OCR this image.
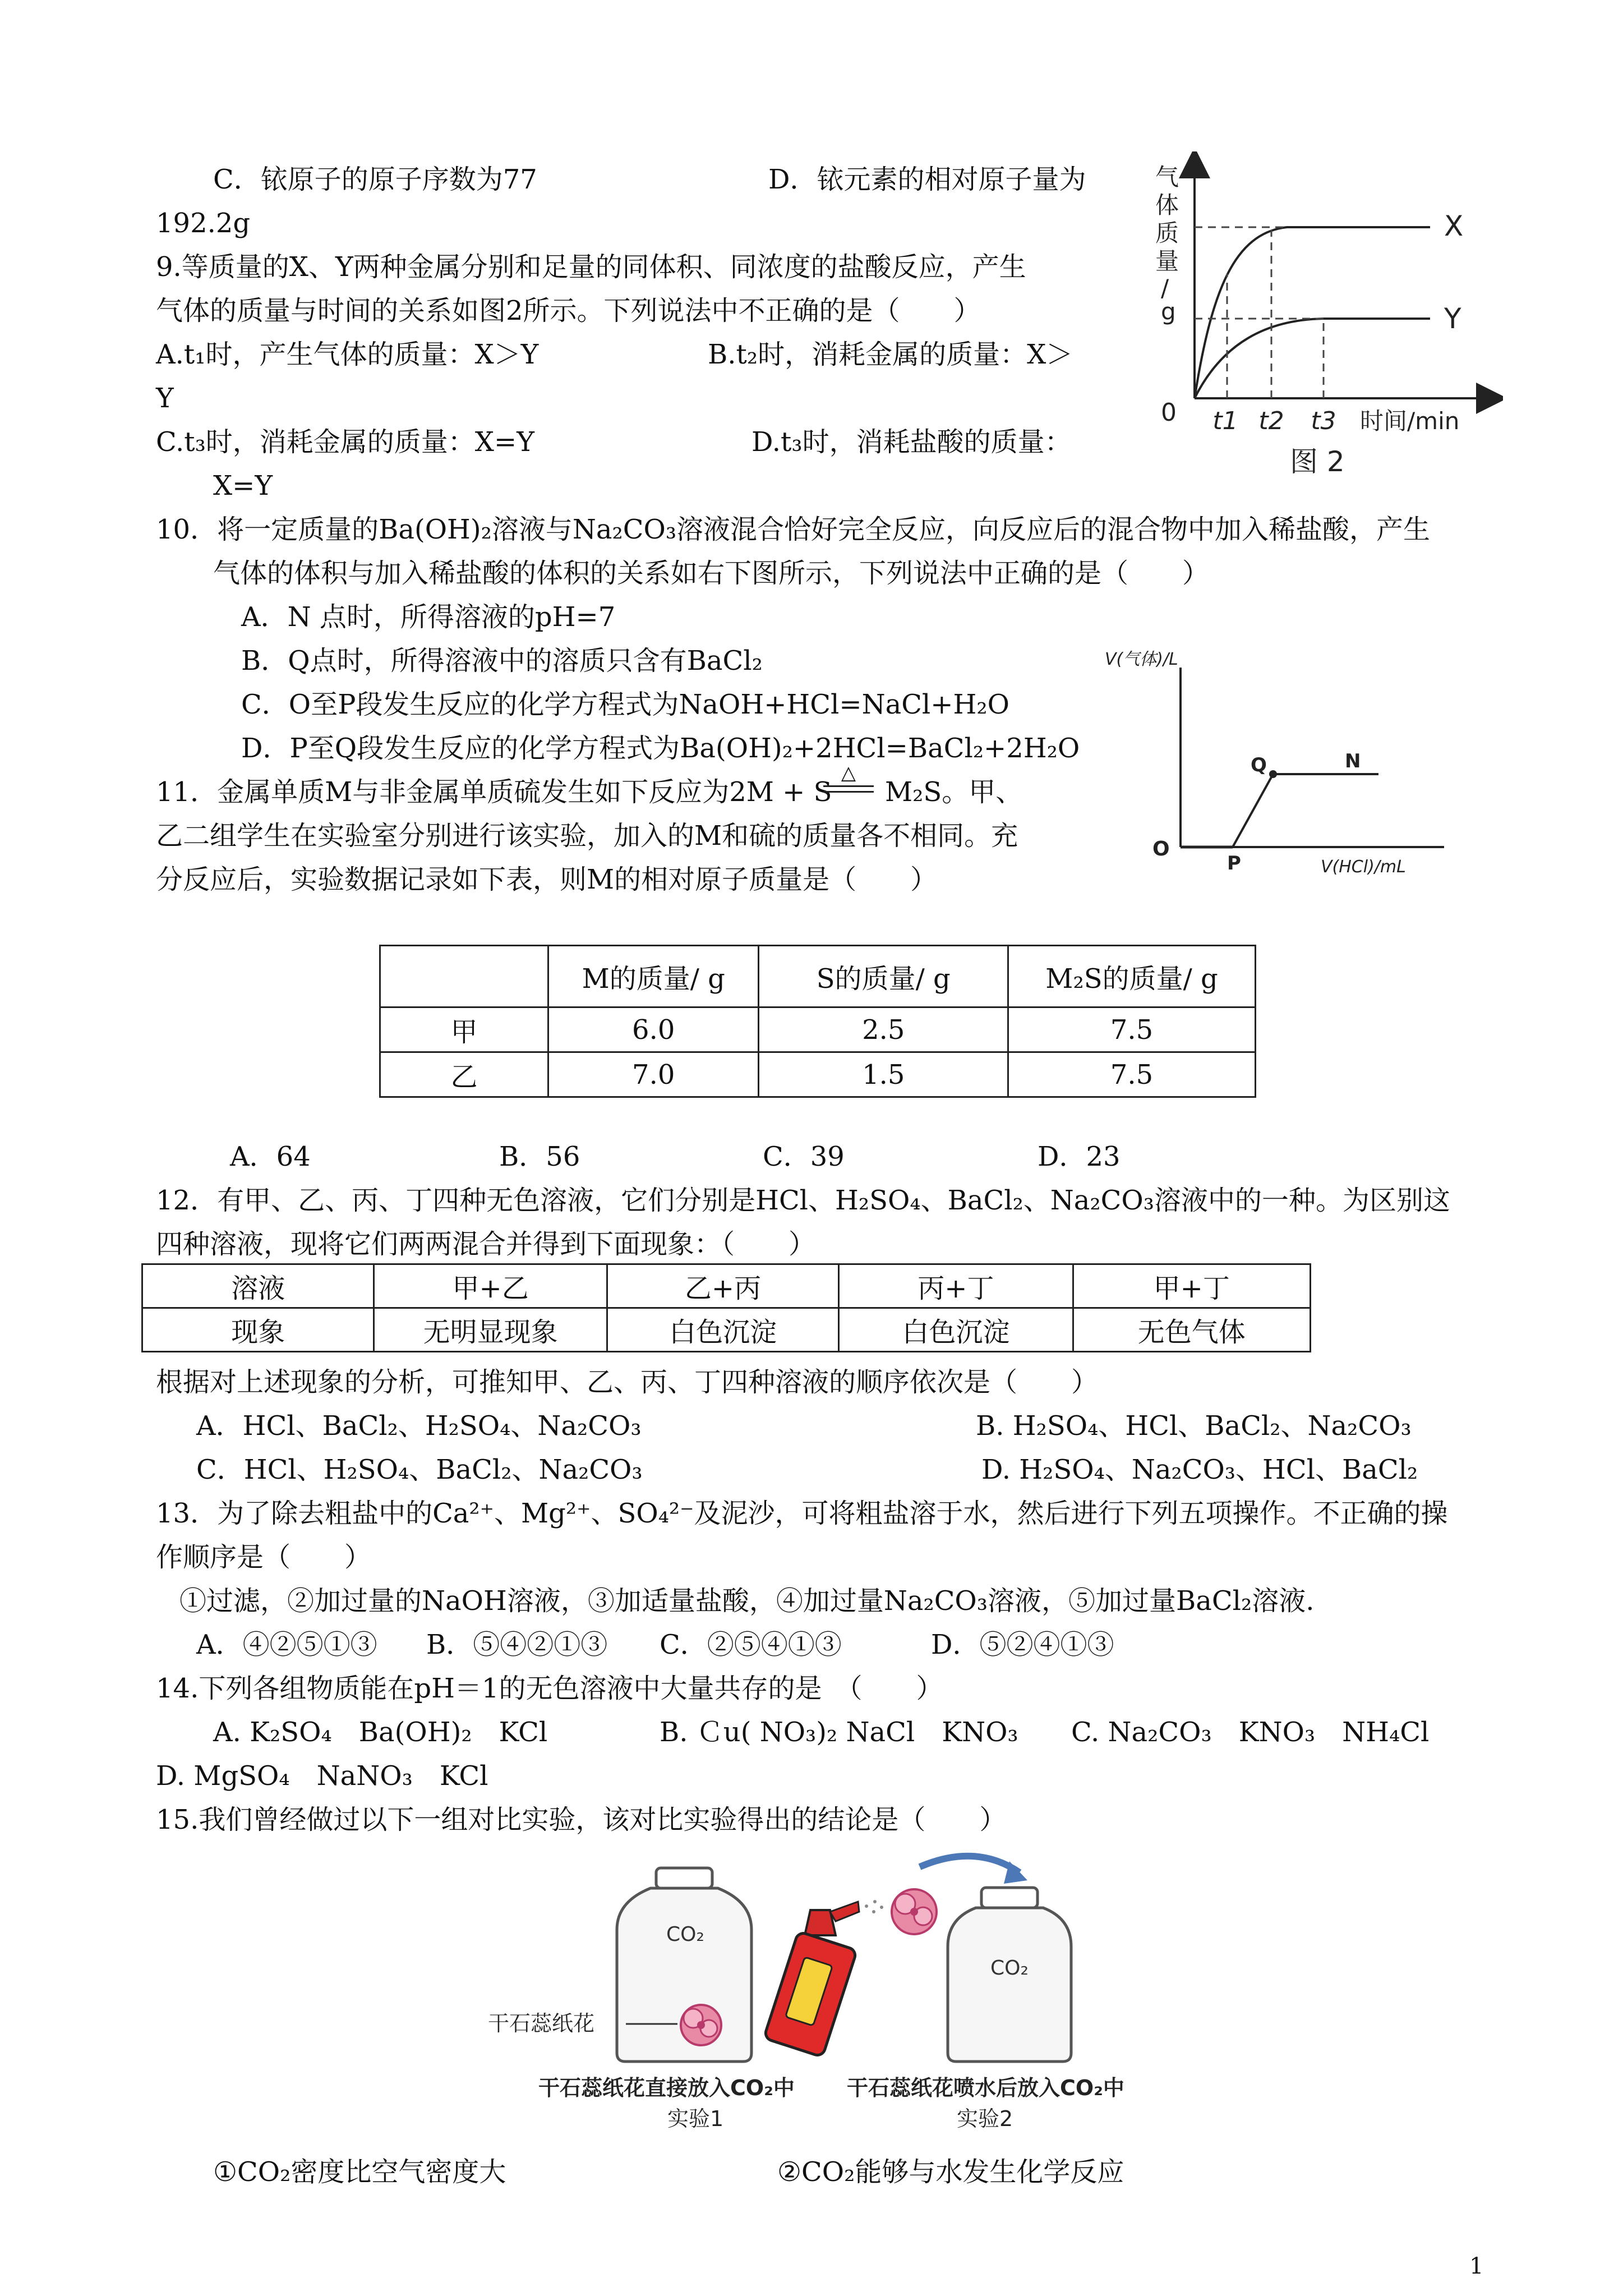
C．铱原子的原子序数为77	D．铱元素的相对原子量为
192.2g
9.等质量的X、Y两种金属分别和足量的同体积、同浓度的盐酸反应，产生
气体的质量与时间的关系如图2所示。下列说法中不正确的是（　　）
A.t₁时，产生气体的质量：X＞Y	B.t₂时，消耗金属的质量：X＞
Y
C.t₃时，消耗金属的质量：X=Y	D.t₃时，消耗盐酸的质量：
X=Y
气
体
质
量
/
g
X
Y
0 t1 t2 t3 时间/min
图 2
10．将一定质量的Ba(OH)₂溶液与Na₂CO₃溶液混合恰好完全反应，向反应后的混合物中加入稀盐酸，产生
气体的体积与加入稀盐酸的体积的关系如右下图所示，下列说法中正确的是（　　）
A．N 点时，所得溶液的pH=7
B．Q点时，所得溶液中的溶质只含有BaCl₂
C．O至P段发生反应的化学方程式为NaOH+HCl=NaCl+H₂O
D．P至Q段发生反应的化学方程式为Ba(OH)₂+2HCl=BaCl₂+2H₂O
V(气体)/L
V(HCl)/mL
O
P
Q	N
11．金属单质M与非金属单质硫发生如下反应为2M + S
△
M₂S。甲、
乙二组学生在实验室分别进行该实验，加入的M和硫的质量各不相同。充
分反应后，实验数据记录如下表，则M的相对原子质量是（　　）
	M的质量/ g	S的质量/ g	M₂S的质量/ g
甲	6.0	2.5	7.5
乙	7.0	1.5	7.5
A．64	B．56	C．39	D．23
12．有甲、乙、丙、丁四种无色溶液，它们分别是HCl、H₂SO₄、BaCl₂、Na₂CO₃溶液中的一种。为区别这
四种溶液，现将它们两两混合并得到下面现象：（　　）
溶液	甲+乙	乙+丙	丙+丁	甲+丁
现象	无明显现象	白色沉淀	白色沉淀	无色气体
根据对上述现象的分析，可推知甲、乙、丙、丁四种溶液的顺序依次是（　　）
A．HCl、BaCl₂、H₂SO₄、Na₂CO₃	B. H₂SO₄、HCl、BaCl₂、Na₂CO₃
C．HCl、H₂SO₄、BaCl₂、Na₂CO₃	D. H₂SO₄、Na₂CO₃、HCl、BaCl₂
13．为了除去粗盐中的Ca²⁺、Mg²⁺、SO₄²⁻及泥沙，可将粗盐溶于水，然后进行下列五项操作。不正确的操
作顺序是（　　）
①过滤，②加过量的NaOH溶液，③加适量盐酸，④加过量Na₂CO₃溶液，⑤加过量BaCl₂溶液.
A．④②⑤①③ B．⑤④②①③ C．②⑤④①③	D．⑤②④①③
14.下列各组物质能在pH＝1的无色溶液中大量共存的是　（　　）
A. K₂SO₄　Ba(OH)₂　KCl	B. Ｃu( NO₃)₂ NaCl　KNO₃ C. Na₂CO₃　KNO₃　NH₄Cl
D. MgSO₄　NaNO₃　KCl
15.我们曾经做过以下一组对比实验，该对比实验得出的结论是（　　）
CO₂
干石蕊纸花
干石蕊纸花直接放入CO₂中
实验1
CO₂
干石蕊纸花喷水后放入CO₂中
实验2
①CO₂密度比空气密度大	②CO₂能够与水发生化学反应
1
